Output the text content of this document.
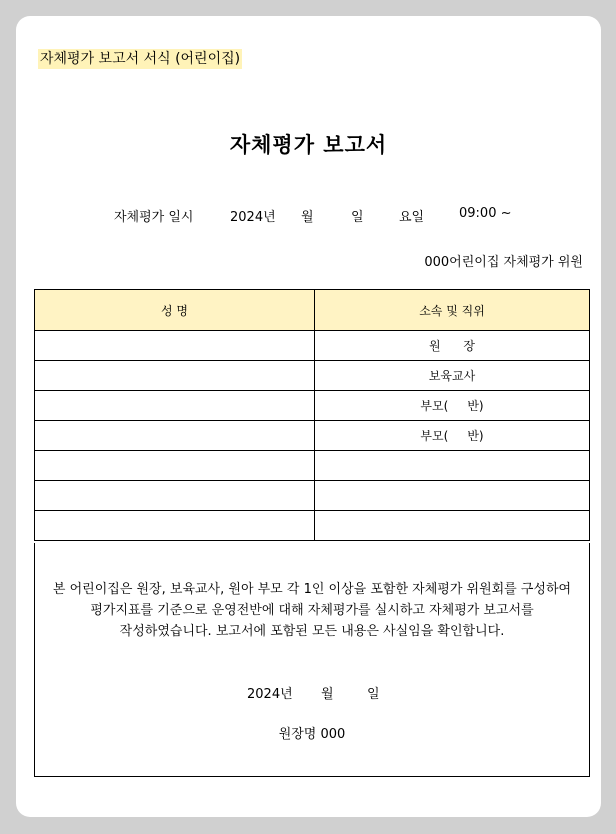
자체평가 보고서 서식 (어린이집)
자체평가 보고서
자체평가 일시	2024년 월	일	요일	09:00 ~
000어린이집 자체평가 위원
성 명	소속 및 직위
	원      장
	보육교사
	부모(     반)
	부모(     반)

본 어린이집은 원장, 보육교사, 원아 부모 각 1인 이상을 포함한 자체평가 위원회를 구성하여
평가지표를 기준으로 운영전반에 대해 자체평가를 실시하고 자체평가 보고서를
작성하였습니다. 보고서에 포함된 모든 내용은 사실임을 확인합니다.
2024년 월	일
원장명 000
